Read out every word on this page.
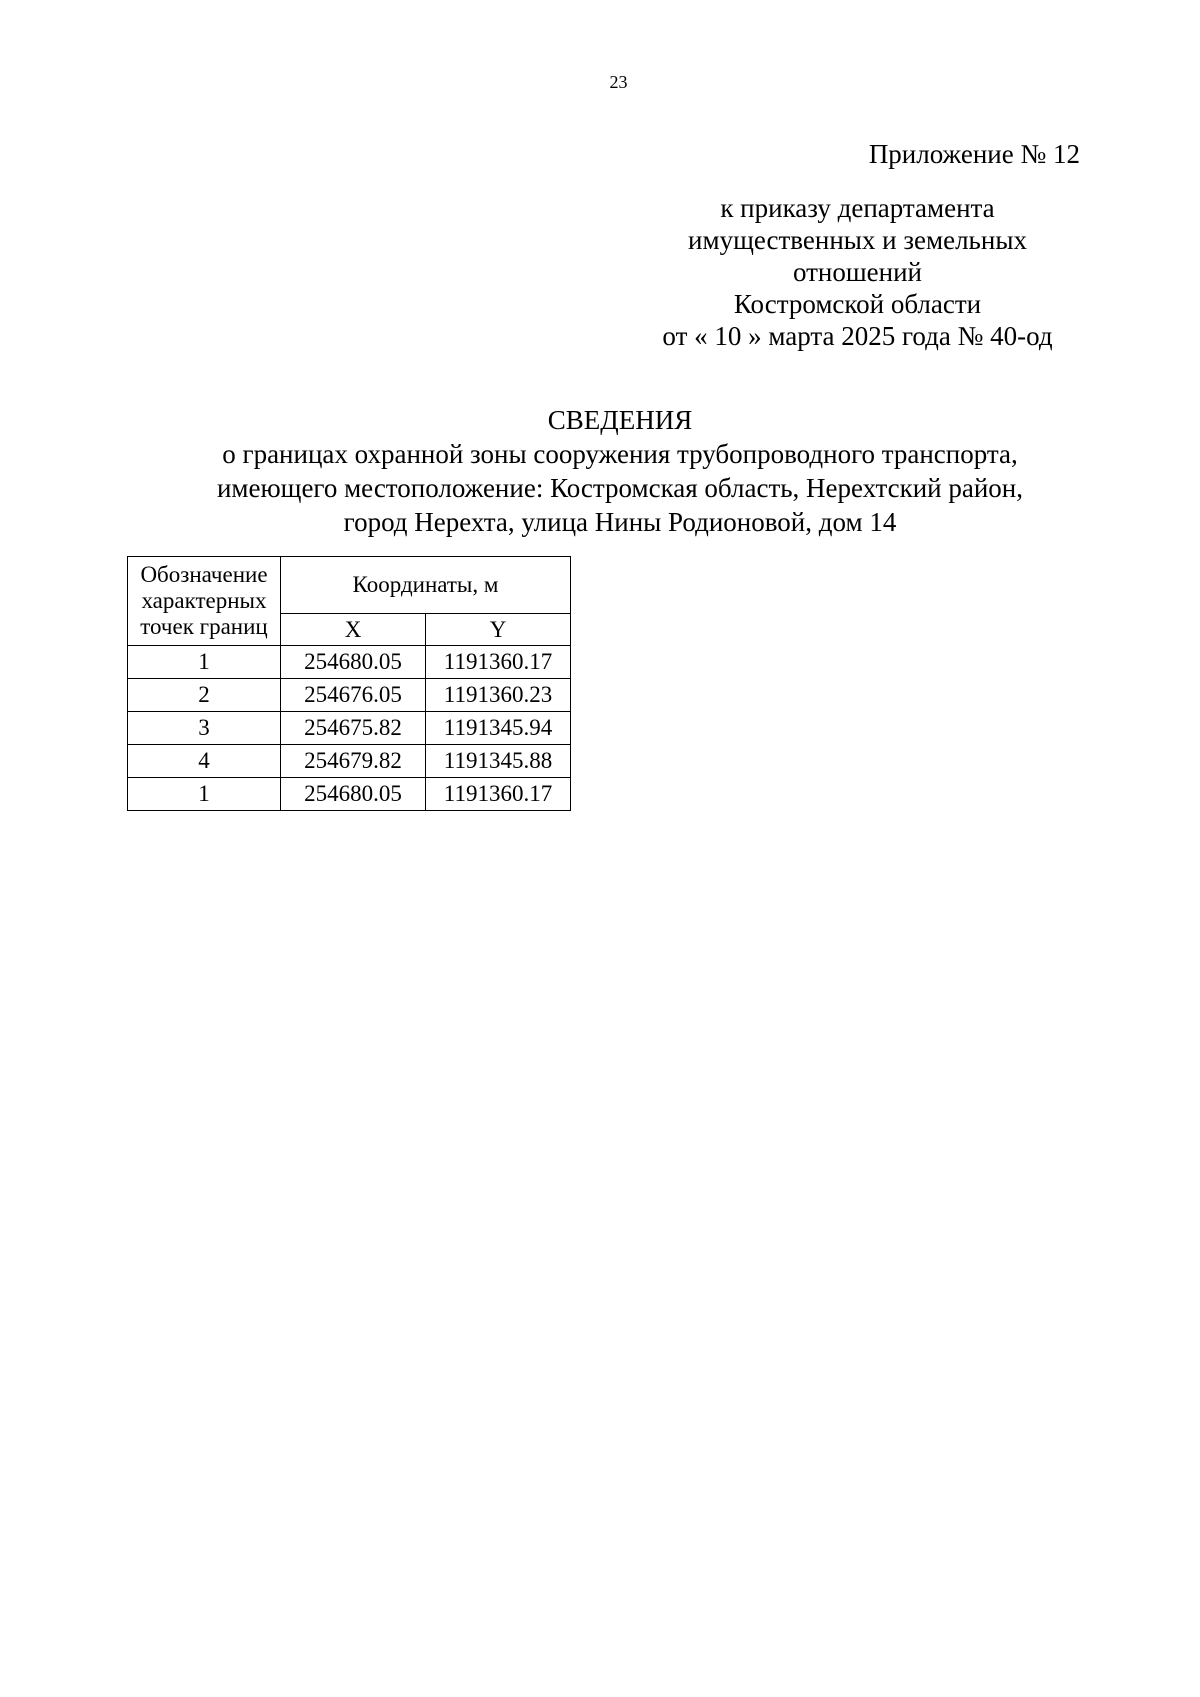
23
Приложение № 12
к приказу департамента
имущественных и земельных
отношений
Костромской области
от « 10 » марта 2025 года № 40-од
СВЕДЕНИЯ
о границах охранной зоны сооружения трубопроводного транспорта,
имеющего местоположение: Костромская область, Нерехтский район,
город Нерехта, улица Нины Родионовой, дом 14
Обозначение
характерных
точек границ	Координаты, м	
	X	Y
1	254680.05	1191360.17
2	254676.05	1191360.23
3	254675.82	1191345.94
4	254679.82	1191345.88
1	254680.05	1191360.17
